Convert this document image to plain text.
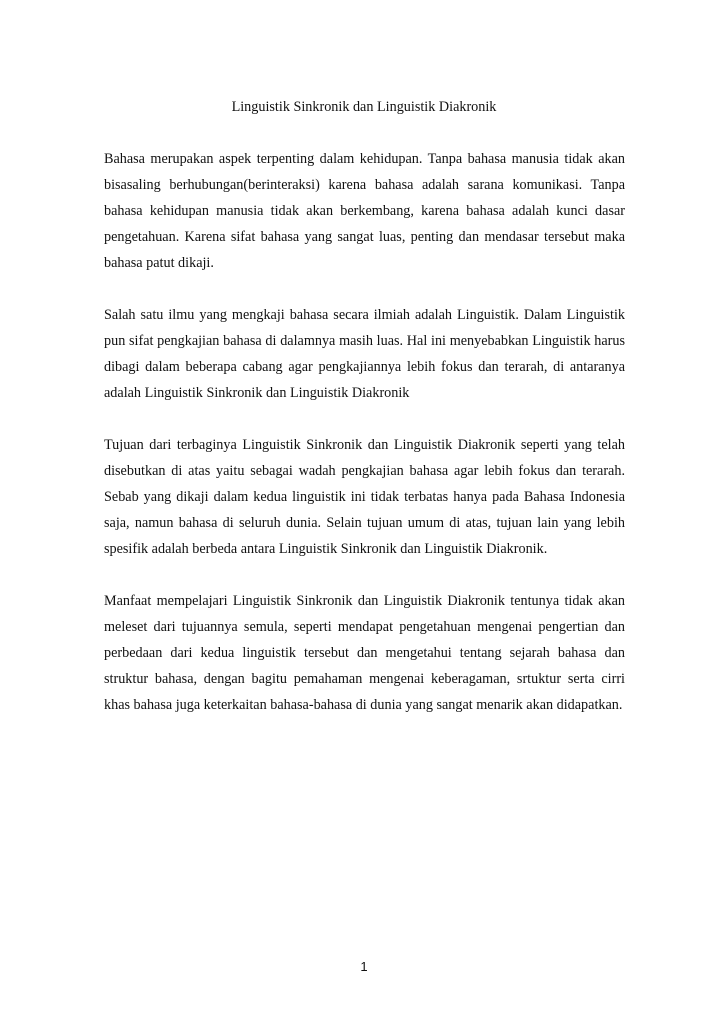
Linguistik Sinkronik dan Linguistik Diakronik

Bahasa merupakan aspek terpenting dalam kehidupan. Tanpa bahasa manusia tidak akan bisasaling berhubungan(berinteraksi) karena bahasa adalah sarana komunikasi. Tanpa bahasa kehidupan manusia tidak akan berkembang, karena bahasa adalah kunci dasar pengetahuan. Karena sifat bahasa yang sangat luas, penting dan mendasar tersebut maka bahasa patut dikaji.

Salah satu ilmu yang mengkaji bahasa secara ilmiah adalah Linguistik. Dalam Linguistik pun sifat pengkajian bahasa di dalamnya masih luas. Hal ini menyebabkan Linguistik harus dibagi dalam beberapa cabang agar pengkajiannya lebih fokus dan terarah, di antaranya adalah Linguistik Sinkronik dan Linguistik Diakronik

Tujuan dari terbaginya Linguistik Sinkronik dan Linguistik Diakronik seperti yang telah disebutkan di atas yaitu sebagai wadah pengkajian bahasa agar lebih fokus dan terarah. Sebab yang dikaji dalam kedua linguistik ini tidak terbatas hanya pada Bahasa Indonesia saja, namun bahasa di seluruh dunia. Selain tujuan umum di atas, tujuan lain yang lebih spesifik adalah berbeda antara Linguistik Sinkronik dan Linguistik Diakronik.

Manfaat mempelajari Linguistik Sinkronik dan Linguistik Diakronik tentunya tidak akan meleset dari tujuannya semula, seperti mendapat pengetahuan mengenai pengertian dan perbedaan dari kedua linguistik tersebut dan mengetahui tentang sejarah bahasa dan struktur bahasa, dengan bagitu pemahaman mengenai keberagaman, srtuktur serta cirri khas bahasa juga keterkaitan bahasa-bahasa di dunia yang sangat menarik akan didapatkan.

1
